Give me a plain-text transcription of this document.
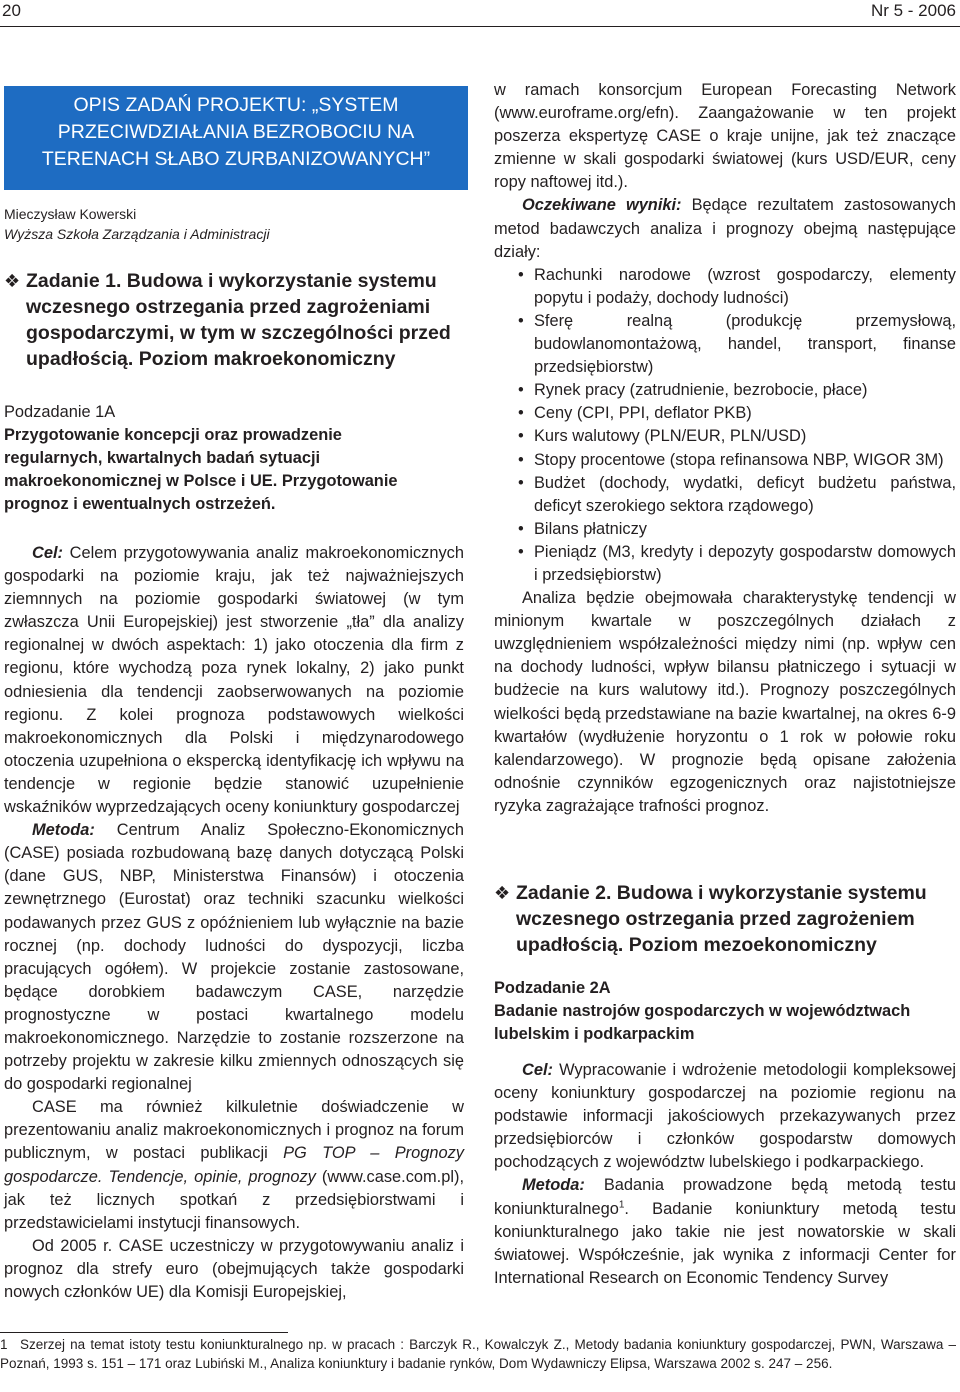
20	Nr 5 - 2006
OPIS ZADAŃ PROJEKTU: „SYSTEM
PRZECIWDZIAŁANIA BEZROBOCIU NA
TERENACH SŁABO ZURBANIZOWANYCH”
Mieczysław Kowerski
Wyższa Szkoła Zarządzania i Administracji
❖ Zadanie 1. Budowa i wykorzystanie systemu
wczesnego ostrzegania przed zagrożeniami
gospodarczymi, w tym w szczególności przed
upadłością. Poziom makroekonomiczny
Podzadanie 1A
Przygotowanie koncepcji oraz prowadzenie
regularnych, kwartalnych badań sytuacji
makroekonomicznej w Polsce i UE. Przygotowanie
prognoz i ewentualnych ostrzeżeń.

Cel: Celem przygotowywania analiz makroekonomicznych gospodarki na poziomie kraju, jak też najważniejszych ziemnnych na poziomie gospodarki światowej (w tym zwłaszcza Unii Europejskiej) jest stworzenie „tła” dla analizy regionalnej w dwóch aspektach: 1) jako otoczenia dla firm z regionu, które wychodzą poza rynek lokalny, 2) jako punkt odniesienia dla tendencji zaobserwowanych na poziomie regionu. Z kolei prognoza podstawowych wielkości makroekonomicznych dla Polski i międzynarodowego otoczenia uzupełniona o ekspercką identyfikację ich wpływu na tendencje w regionie będzie stanowić uzupełnienie wskaźników wyprzedzających oceny koniunktury gospodarczej

Metoda: Centrum Analiz Społeczno-Ekonomicznych (CASE) posiada rozbudowaną bazę danych dotyczącą Polski (dane GUS, NBP, Ministerstwa Finansów) i otoczenia zewnętrznego (Eurostat) oraz techniki szacunku wielkości podawanych przez GUS z opóźnieniem lub wyłącznie na bazie rocznej (np. dochody ludności do dyspozycji, liczba pracujących ogółem). W projekcie zostanie zastosowane, będące dorobkiem badawczym CASE, narzędzie prognostyczne w postaci kwartalnego modelu makroekonomicznego. Narzędzie to zostanie rozszerzone na potrzeby projektu w zakresie kilku zmiennych odnoszących się do gospodarki regionalnej

CASE ma również kilkuletnie doświadczenie w prezentowaniu analiz makroekonomicznych i prognoz na forum publicznym, w postaci publikacji PG TOP – Prognozy gospodarcze. Tendencje, opinie, prognozy (www.case.com.pl), jak też licznych spotkań z przedsiębiorstwami i przedstawicielami instytucji finansowych.

Od 2005 r. CASE uczestniczy w przygotowywaniu analiz i prognoz dla strefy euro (obejmujących także gospodarki nowych członków UE) dla Komisji Europejskiej,

w ramach konsorcjum European Forecasting Network (www.euroframe.org/efn). Zaangażowanie w ten projekt poszerza ekspertyzę CASE o kraje unijne, jak też znaczące zmienne w skali gospodarki światowej (kurs USD/EUR, ceny ropy naftowej itd.).

Oczekiwane wyniki: Będące rezultatem zastosowanych metod badawczych analiza i prognozy obejmą następujące działy:

• Rachunki narodowe (wzrost gospodarczy, elementy popytu i podaży, dochody ludności)
• Sferę realną (produkcję przemysłową, budowlanomontażową, handel, transport, finanse przedsiębiorstw)
• Rynek pracy (zatrudnienie, bezrobocie, płace)
• Ceny (CPI, PPI, deflator PKB)
• Kurs walutowy (PLN/EUR, PLN/USD)
• Stopy procentowe (stopa refinansowa NBP, WIGOR 3M)
• Budżet (dochody, wydatki, deficyt budżetu państwa, deficyt szerokiego sektora rządowego)
• Bilans płatniczy
• Pieniądz (M3, kredyty i depozyty gospodarstw domowych i przedsiębiorstw)

Analiza będzie obejmowała charakterystykę tendencji w minionym kwartale w poszczególnych działach z uwzględnieniem współzależności między nimi (np. wpływ cen na dochody ludności, wpływ bilansu płatniczego i sytuacji w budżecie na kurs walutowy itd.). Prognozy poszczególnych wielkości będą przedstawiane na bazie kwartalnej, na okres 6-9 kwartałów (wydłużenie horyzontu o 1 rok w połowie roku kalendarzowego). W prognozie będą opisane założenia odnośnie czynników egzogenicznych oraz najistotniejsze ryzyka zagrażające trafności prognoz.

❖ Zadanie 2. Budowa i wykorzystanie systemu
wczesnego ostrzegania przed zagrożeniem
upadłością. Poziom mezoekonomiczny
Podzadanie 2A
Badanie nastrojów gospodarczych w województwach
lubelskim i podkarpackim

Cel: Wypracowanie i wdrożenie metodologii kompleksowej oceny koniunktury gospodarczej na poziomie regionu na podstawie informacji jakościowych przekazywanych przez przedsiębiorców i członków gospodarstw domowych pochodzących z województw lubelskiego i podkarpackiego.

Metoda: Badania prowadzone będą metodą testu koniunkturalnego$^1$. Badanie koniunktury metodą testu koniunkturalnego jako takie nie jest nowatorskie w skali światowej. Współcześnie, jak wynika z informacji Center for International Research on Economic Tendency Survey

1 Szerzej na temat istoty testu koniunkturalnego np. w pracach : Barczyk R., Kowalczyk Z., Metody badania koniunktury gospodarczej, PWN, Warszawa – Poznań, 1993 s. 151 – 171 oraz Lubiński M., Analiza koniunktury i badanie rynków, Dom Wydawniczy Elipsa, Warszawa 2002 s. 247 – 256.
